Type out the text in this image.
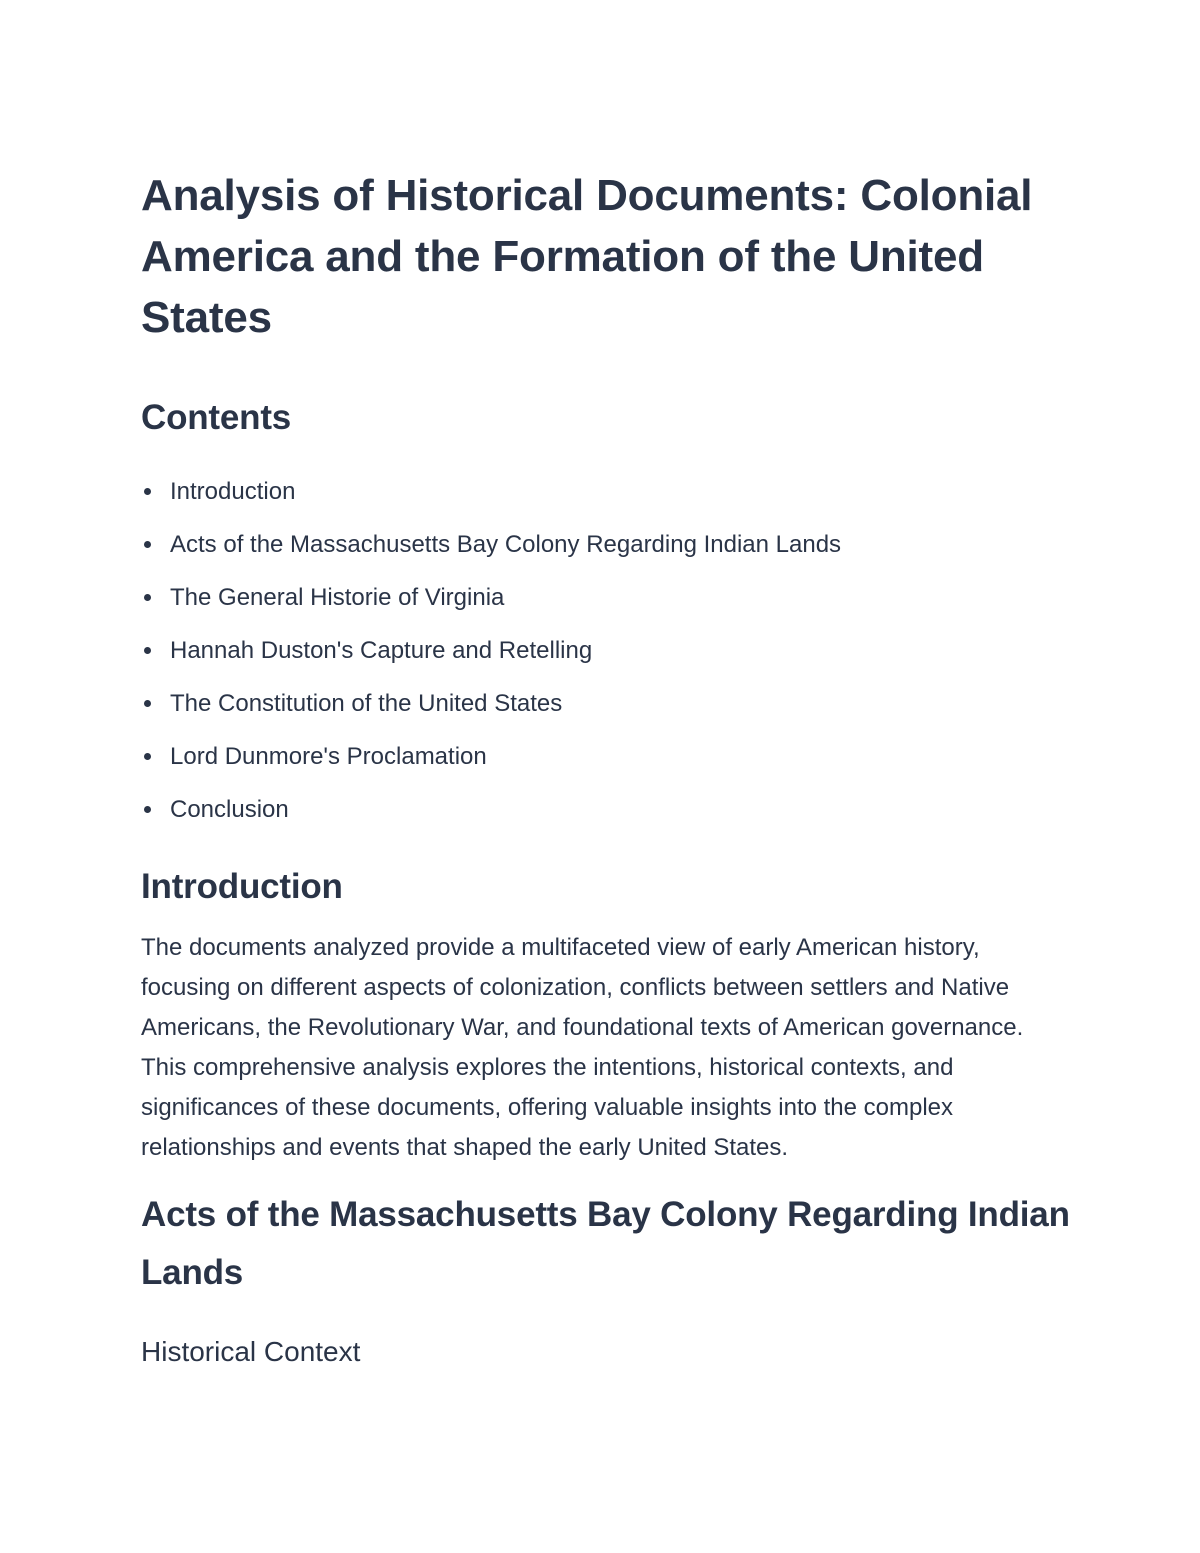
Analysis of Historical Documents: Colonial America and the Formation of the United States
Contents
Introduction
Acts of the Massachusetts Bay Colony Regarding Indian Lands
The General Historie of Virginia
Hannah Duston's Capture and Retelling
The Constitution of the United States
Lord Dunmore's Proclamation
Conclusion
Introduction

The documents analyzed provide a multifaceted view of early American history, focusing on different aspects of colonization, conflicts between settlers and Native Americans, the Revolutionary War, and foundational texts of American governance. This comprehensive analysis explores the intentions, historical contexts, and significances of these documents, offering valuable insights into the complex relationships and events that shaped the early United States.

Acts of the Massachusetts Bay Colony Regarding Indian Lands
Historical Context
